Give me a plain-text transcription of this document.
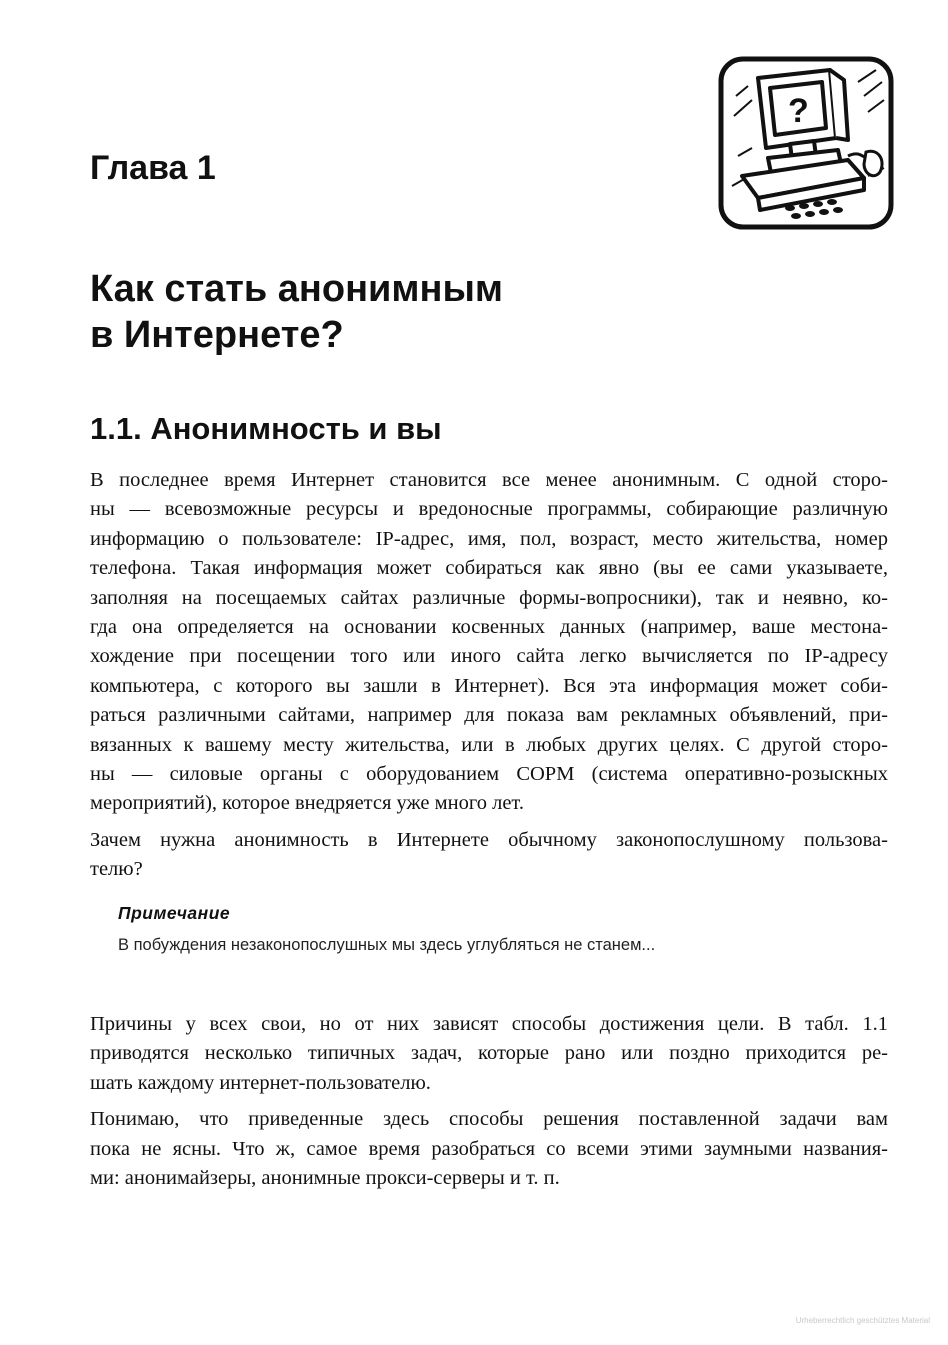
?
Глава 1
Как стать анонимным
в Интернете?
1.1. Анонимность и вы

В последнее время Интернет становится все менее анонимным. С одной сторо-
ны — всевозможные ресурсы и вредоносные программы, собирающие различную
информацию о пользователе: IP-адрес, имя, пол, возраст, место жительства, номер
телефона. Такая информация может собираться как явно (вы ее сами указываете,
заполняя на посещаемых сайтах различные формы-вопросники), так и неявно, ко-
гда она определяется на основании косвенных данных (например, ваше местона-
хождение при посещении того или иного сайта легко вычисляется по IP-адресу
компьютера, с которого вы зашли в Интернет). Вся эта информация может соби-
раться различными сайтами, например для показа вам рекламных объявлений, при-
вязанных к вашему месту жительства, или в любых других целях. С другой сторо-
ны — силовые органы с оборудованием СОРМ (система оперативно-розыскных
мероприятий), которое внедряется уже много лет.

Зачем нужна анонимность в Интернете обычному законопослушному пользова-
телю?

Примечание

В побуждения незаконопослушных мы здесь углубляться не станем...

Причины у всех свои, но от них зависят способы достижения цели. В табл. 1.1
приводятся несколько типичных задач, которые рано или поздно приходится ре-
шать каждому интернет-пользователю.

Понимаю, что приведенные здесь способы решения поставленной задачи вам
пока не ясны. Что ж, самое время разобраться со всеми этими заумными названия-
ми: анонимайзеры, анонимные прокси-серверы и т. п.

Urheberrechtlich geschütztes Material
